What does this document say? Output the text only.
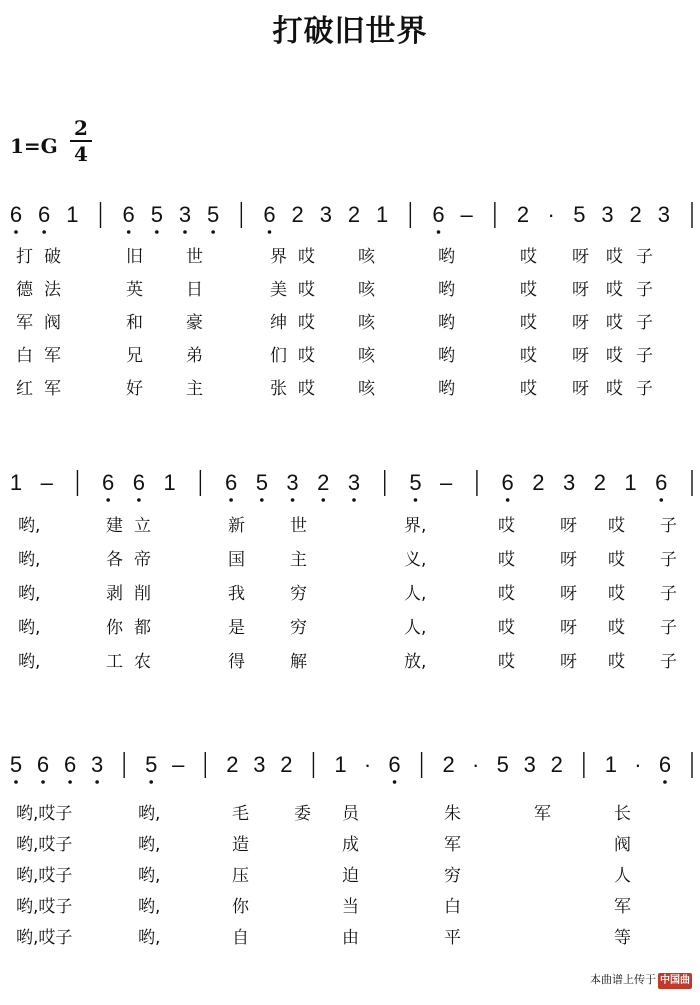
打破旧世界
1=G
2
4
6 6 1 6 5 3 5 6 2 3 2 1 6 – 2 · 5 3 2 3
打 破	旧	世	界 哎	咳	哟	哎 呀 哎 子
德 法	英	日	美 哎	咳	哟	哎 呀 哎 子
军 阀	和	豪	绅 哎	咳	哟	哎 呀 哎 子
白 军	兄	弟	们 哎	咳	哟	哎 呀 哎 子
红 军	好	主	张 哎	咳	哟	哎 呀 哎 子
1 – 6 6 1 6 5 3 2 3 5 – 6 2 3 2 1 6
哟,	建 立	新	世	界,	哎	呀 哎 子
哟,	各 帝	国	主	义,	哎	呀 哎 子
哟,	剥 削	我	穷	人,	哎	呀 哎 子
哟,	你 都	是	穷	人,	哎	呀 哎 子
哟,	工 农	得	解	放,	哎	呀 哎 子
5 6 6 3 5 – 2 3 2 1 · 6 2 · 5 3 2 1 · 6
哟,哎子	哟,	毛	委 员	朱	军	长
哟,哎子	哟,	造	成	军	阀
哟,哎子	哟,	压	迫	穷	人
哟,哎子	哟,	你	当	白	军
哟,哎子	哟,	自	由	平	等
本曲谱上传于 中国曲谱网
